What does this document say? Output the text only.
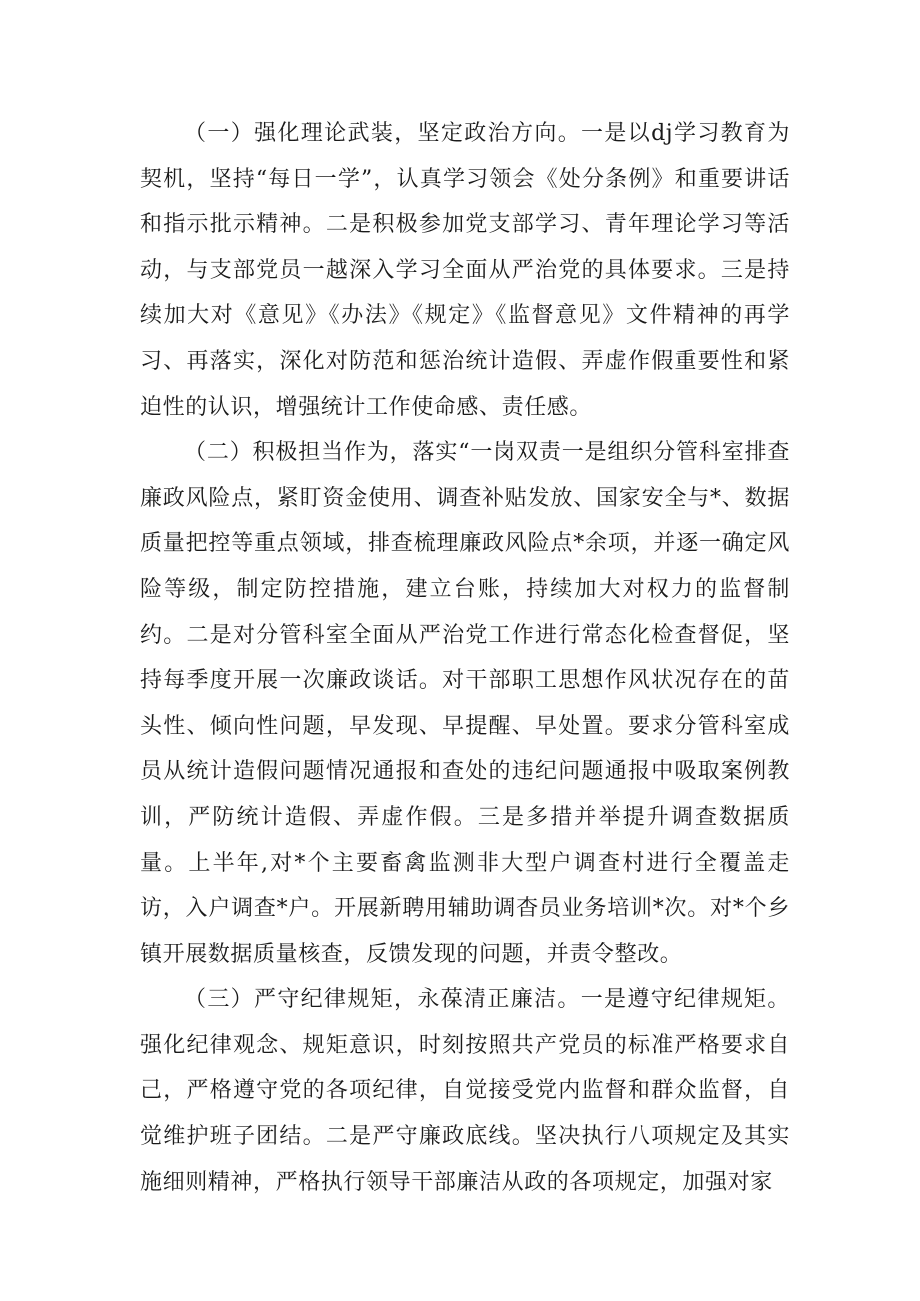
（一）强化理论武装，坚定政治方向。一是以dj学习教育为契机，坚持“每日一学”，认真学习领会《处分条例》和重要讲话和指示批示精神。二是积极参加党支部学习、青年理论学习等活动，与支部党员一越深入学习全面从严治党的具体要求。三是持续加大对《意见》《办法》《规定》《监督意见》文件精神的再学习、再落实，深化对防范和惩治统计造假、弄虚作假重要性和紧迫性的认识，增强统计工作使命感、责任感。

（二）积极担当作为，落实“一岗双责一是组织分管科室排查廉政风险点，紧盯资金使用、调查补贴发放、国家安全与*、数据质量把控等重点领域，排查梳理廉政风险点*余项，并逐一确定风险等级，制定防控措施，建立台账，持续加大对权力的监督制约。二是对分管科室全面从严治党工作进行常态化检查督促，坚持每季度开展一次廉政谈话。对干部职工思想作风状况存在的苗头性、倾向性问题，早发现、早提醒、早处置。要求分管科室成员从统计造假问题情况通报和查处的违纪问题通报中吸取案例教训，严防统计造假、弄虚作假。三是多措并举提升调查数据质量。上半年,对*个主要畜禽监测非大型户调查村进行全覆盖走访，入户调查*户。开展新聘用辅助调杳员业务培训*次。对*个乡镇开展数据质量核查，反馈发现的问题，并责令整改。

（三）严守纪律规矩，永葆清正廉洁。一是遵守纪律规矩。强化纪律观念、规矩意识，时刻按照共产党员的标准严格要求自己，严格遵守党的各项纪律，自觉接受党内监督和群众监督，自觉维护班子团结。二是严守廉政底线。坚决执行八项规定及其实施细则精神，严格执行领导干部廉洁从政的各项规定，加强对家
